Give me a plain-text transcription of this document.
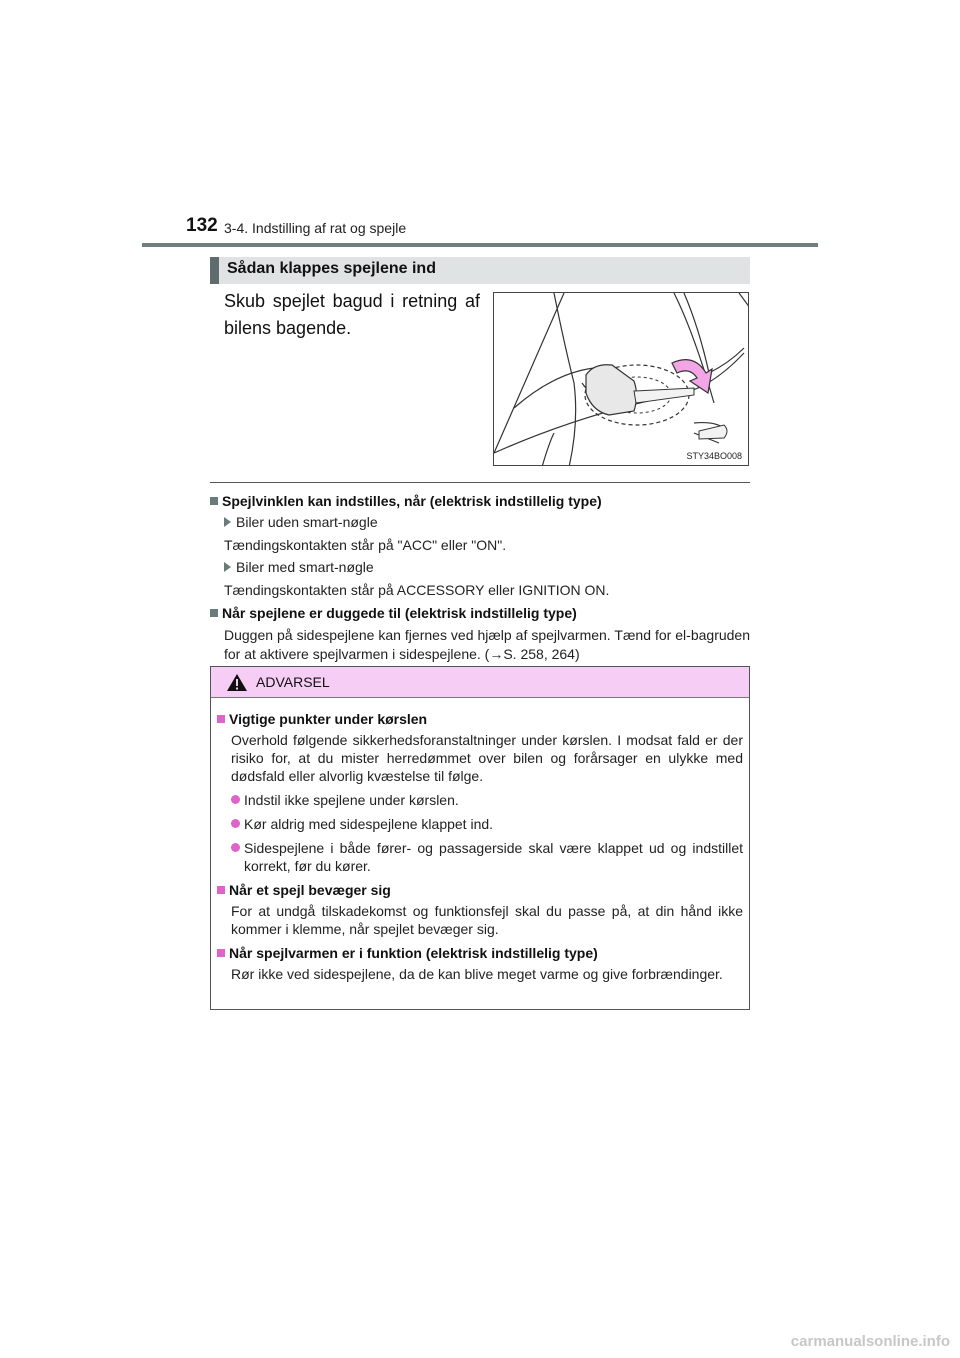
132 3-4. Indstilling af rat og spejle
Sådan klappes spejlene ind
Skub spejlet bagud i retning af bilens bagende.
STY34BO008
Spejlvinklen kan indstilles, når (elektrisk indstillelig type)
Biler uden smart-nøgle
Tændingskontakten står på "ACC" eller "ON".
Biler med smart-nøgle
Tændingskontakten står på ACCESSORY eller IGNITION ON.
Når spejlene er duggede til (elektrisk indstillelig type)
Duggen på sidespejlene kan fjernes ved hjælp af spejlvarmen. Tænd for el-bagruden for at aktivere spejlvarmen i sidespejlene. (→S. 258, 264)
ADVARSEL
Vigtige punkter under kørslen
Overhold følgende sikkerhedsforanstaltninger under kørslen. I modsat fald er der risiko for, at du mister herredømmet over bilen og forårsager en ulykke med dødsfald eller alvorlig kvæstelse til følge.
Indstil ikke spejlene under kørslen.
Kør aldrig med sidespejlene klappet ind.
Sidespejlene i både fører- og passagerside skal være klappet ud og indstillet korrekt, før du kører.
Når et spejl bevæger sig
For at undgå tilskadekomst og funktionsfejl skal du passe på, at din hånd ikke kommer i klemme, når spejlet bevæger sig.
Når spejlvarmen er i funktion (elektrisk indstillelig type)
Rør ikke ved sidespejlene, da de kan blive meget varme og give forbrændinger.
carmanualsonline.info
